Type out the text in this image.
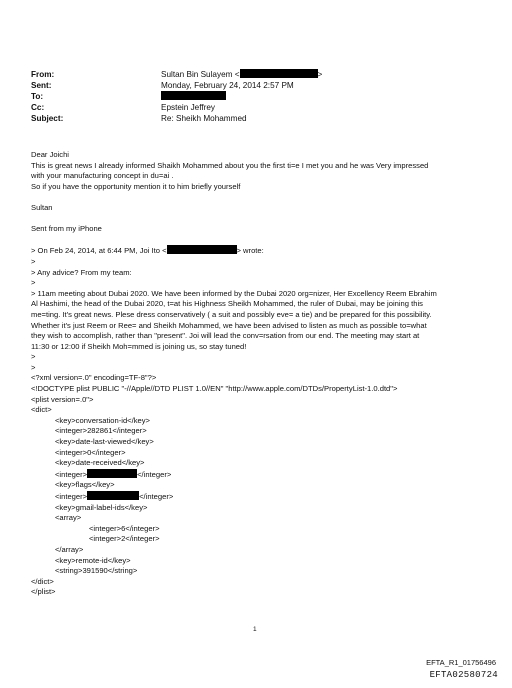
From:	Sultan Bin Sulayem <	>
Sent:	Monday, February 24, 2014 2:57 PM
To:
Cc:	Epstein Jeffrey
Subject:	Re: Sheikh Mohammed
Dear Joichi
This is great news I already informed Shaikh Mohammed about you the first ti=e I met you and he was Very impressed
with your manufacturing concept in du=ai .
So if you have the opportunity mention it to him briefly yourself
Sultan
Sent from my iPhone
> On Feb 24, 2014, at 6:44 PM, Joi Ito <	> wrote:
>
> Any advice? From my team:
>
> 11am meeting about Dubai 2020. We have been informed by the Dubai 2020 org=nizer, Her Excellency Reem Ebrahim
Al Hashimi, the head of the Dubai 2020, t=at his Highness Sheikh Mohammed, the ruler of Dubai, may be joining this
me=ting. It's great news. Plese dress conservatively ( a suit and possibly eve= a tie) and be prepared for this possibility.
Whether it's just Reem or Ree= and Sheikh Mohammed, we have been advised to listen as much as possible to=what
they wish to accomplish, rather than "present". Joi will lead the conv=rsation from our end. The meeting may start at
11:30 or 12:00 if Sheikh Moh=mmed is joining us, so stay tuned!
>
>
<?xml version=.0" encoding=TF-8"?>
<!DOCTYPE plist PUBLIC "-//Apple//DTD PLIST 1.0//EN" "http://www.apple.com/DTDs/PropertyList-1.0.dtd">
<plist version=.0">
<dict>
<key>conversation-id</key>
<integer>282861</integer>
<key>date-last-viewed</key>
<integer>0</integer>
<key>date-received</key>
<integer>	</integer>
<key>flags</key>
<integer>	</integer>
<key>gmail-label-ids</key>
<array>
<integer>6</integer>
<integer>2</integer>
</array>
<key>remote-id</key>
<string>391590</string>
</dict>
</plist>
1
EFTA_R1_01756496
EFTA02580724
